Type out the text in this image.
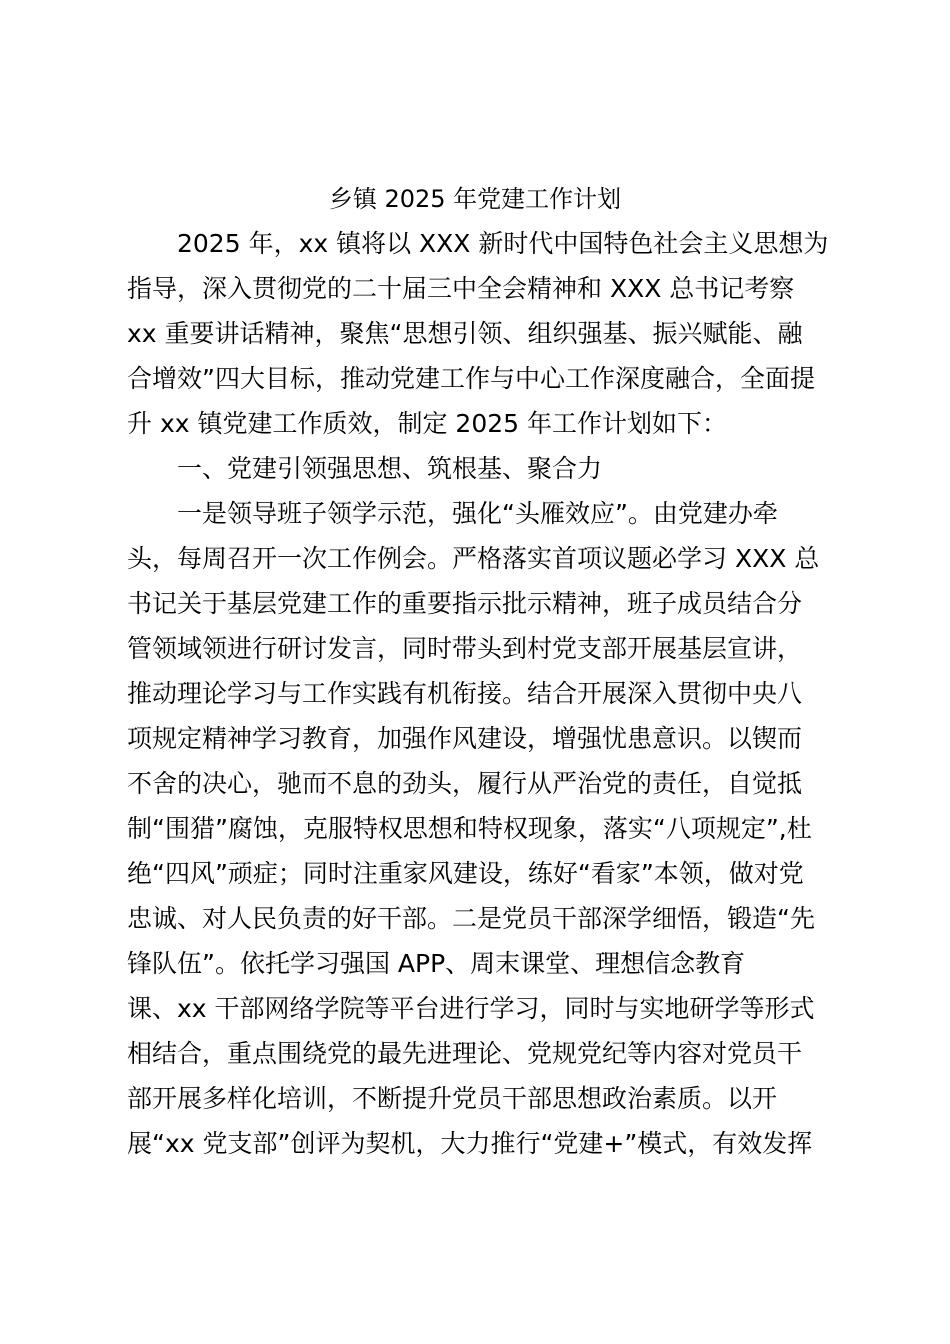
乡镇 2025 年党建工作计划
2025 年，xx 镇将以 XXX 新时代中国特色社会主义思想为
指导，深入贯彻党的二十届三中全会精神和 XXX 总书记考察
xx 重要讲话精神，聚焦“思想引领、组织强基、振兴赋能、融
合增效”四大目标，推动党建工作与中心工作深度融合，全面提
升 xx 镇党建工作质效，制定 2025 年工作计划如下：
一、党建引领强思想、筑根基、聚合力
一是领导班子领学示范，强化“头雁效应”。由党建办牵
头，每周召开一次工作例会。严格落实首项议题必学习 XXX 总
书记关于基层党建工作的重要指示批示精神，班子成员结合分
管领域领进行研讨发言，同时带头到村党支部开展基层宣讲，
推动理论学习与工作实践有机衔接。结合开展深入贯彻中央八
项规定精神学习教育，加强作风建设，增强忧患意识。以锲而
不舍的决心，驰而不息的劲头，履行从严治党的责任，自觉抵
制“围猎”腐蚀，克服特权思想和特权现象，落实“八项规定”,杜
绝“四风”顽症；同时注重家风建设，练好“看家”本领，做对党
忠诚、对人民负责的好干部。二是党员干部深学细悟，锻造“先
锋队伍”。依托学习强国 APP、周末课堂、理想信念教育
课、xx 干部网络学院等平台进行学习，同时与实地研学等形式
相结合，重点围绕党的最先进理论、党规党纪等内容对党员干
部开展多样化培训，不断提升党员干部思想政治素质。以开
展“xx 党支部”创评为契机，大力推行“党建+”模式，有效发挥
